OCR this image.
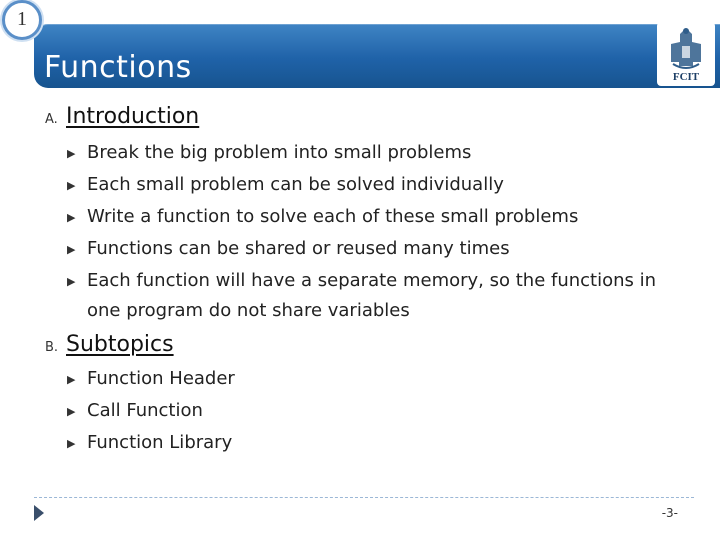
Functions
1
FCIT
A. Introduction
▶ Break the big problem into small problems
▶ Each small problem can be solved individually
▶ Write a function to solve each of these small problems
▶ Functions can be shared or reused many times
▶ Each function will have a separate memory, so the functions in one program do not share variables
B. Subtopics
▶ Function Header
▶ Call Function
▶ Function Library
-3-
